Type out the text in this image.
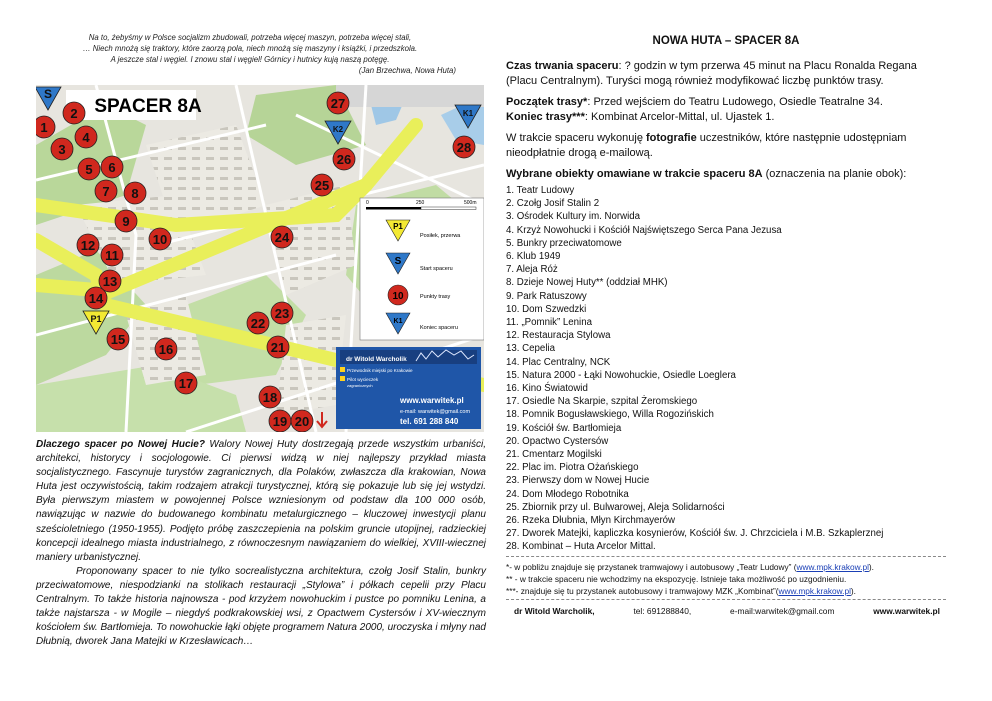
Na to, żebyśmy w Polsce socjalizm zbudowali, potrzeba więcej maszyn, potrzeba więcej stali,
… Niech mnożą się traktory, które zaorzą pola, niech mnożą się maszyny i książki, i przedszkola.
A jeszcze stal i węgiel. I znowu stal i węgiel! Górnicy i hutnicy kują naszą potęgę.
(Jan Brzechwa, Nowa Huta)
SPACER 8A
0	250	500m
P1
Posiłek, przerwa
S
Start spaceru
10	Punkty trasy
K1
Koniec spaceru
dr Witold Warcholik
Przewodnik miejski po Krakowie
Pilot wycieczek
zagranicznych
www.warwitek.pl
e-mail: warwitek@gmail.com
tel. 691 288 840
1
2
3
4
5 6
7 8
9
10
11
12
13
14
15
16
17
18
19 20
21
22
23
24
25
26
27
28
S
P1
K2
K1

Dlaczego spacer po Nowej Hucie? Walory Nowej Huty dostrzegają przede wszystkim urbaniści, architekci, historycy i socjologowie. Ci pierwsi widzą w niej najlepszy przykład miasta socjalistycznego. Fascynuje turystów zagranicznych, dla Polaków, zwłaszcza dla krakowian, Nowa Huta jest oczywistością, takim rodzajem atrakcji turystycznej, którą się pokazuje lub się jej wstydzi. Była pierwszym miastem w powojennej Polsce wzniesionym od podstaw dla 100 000 osób, nawiązując w nazwie do budowanego kombinatu metalurgicznego – kluczowej inwestycji planu sześcioletniego (1950-1955). Podjęto próbę zaszczepienia na polskim gruncie utopijnej, radzieckiej koncepcji idealnego miasta industrialnego, z równoczesnym nawiązaniem do wielkiej, XVIII-wiecznej maniery urbanistycznej.

Proponowany spacer to nie tylko socrealistyczna architektura, czołg Josif Stalin, bunkry przeciwatomowe, niespodzianki na stolikach restauracji „Stylowa” i półkach cepelii przy Placu Centralnym. To także historia najnowsza - pod krzyżem nowohuckim i pustce po pomniku Lenina, a także najstarsza - w Mogile – niegdyś podkrakowskiej wsi, z Opactwem Cystersów i XV-wiecznym kościołem św. Bartłomieja. To nowohuckie łąki objęte programem Natura 2000, uroczyska i młyny nad Dłubnią, dworek Jana Matejki w Krzesławicach…

NOWA HUTA – SPACER 8A

Czas trwania spaceru: ? godzin w tym przerwa 45 minut na Placu Ronalda Regana (Placu Centralnym). Turyści mogą również modyfikować liczbę punktów trasy.

Początek trasy*: Przed wejściem do Teatru Ludowego, Osiedle Teatralne 34.
Koniec trasy***: Kombinat Arcelor-Mittal, ul. Ujastek 1.

W trakcie spaceru wykonuję fotografie uczestników, które następnie udostępniam nieodpłatnie drogą e-mailową.

Wybrane obiekty omawiane w trakcie spaceru 8A (oznaczenia na planie obok):

1. Teatr Ludowy
2. Czołg Josif Stalin 2
3. Ośrodek Kultury im. Norwida
4. Krzyż Nowohucki i Kościół Najświętszego Serca Pana Jezusa
5. Bunkry przeciwatomowe
6. Klub 1949
7. Aleja Róż
8. Dzieje Nowej Huty** (oddział MHK)
9. Park Ratuszowy
10. Dom Szwedzki
11. „Pomnik” Lenina
12. Restauracja Stylowa
13. Cepelia
14. Plac Centralny, NCK
15. Natura 2000 - Łąki Nowohuckie, Osiedle Loeglera
16. Kino Światowid
17. Osiedle Na Skarpie, szpital Żeromskiego
18. Pomnik Bogusławskiego, Willa Rogozińskich
19. Kościół św. Bartłomieja
20. Opactwo Cystersów
21. Cmentarz Mogilski
22. Plac im. Piotra Ożańskiego
23. Pierwszy dom w Nowej Hucie
24. Dom Młodego Robotnika
25. Zbiornik przy ul. Bulwarowej, Aleja Solidarności
26. Rzeka Dłubnia, Młyn Kirchmayerów
27. Dworek Matejki, kapliczka kosynierów, Kościół św. J. Chrzciciela i M.B. Szkaplerznej
28. Kombinat – Huta Arcelor Mittal.
*- w pobliżu znajduje się przystanek tramwajowy i autobusowy „Teatr Ludowy” (www.mpk.krakow.pl).
** - w trakcie spaceru nie wchodzimy na ekspozycję. Istnieje taka możliwość po uzgodnieniu.
***- znajduje się tu przystanek autobusowy i tramwajowy MZK „Kombinat”(www.mpk.krakow.pl).
dr Witold Warcholik,	tel: 691288840,	e-mail:warwitek@gmail.com	www.warwitek.pl
